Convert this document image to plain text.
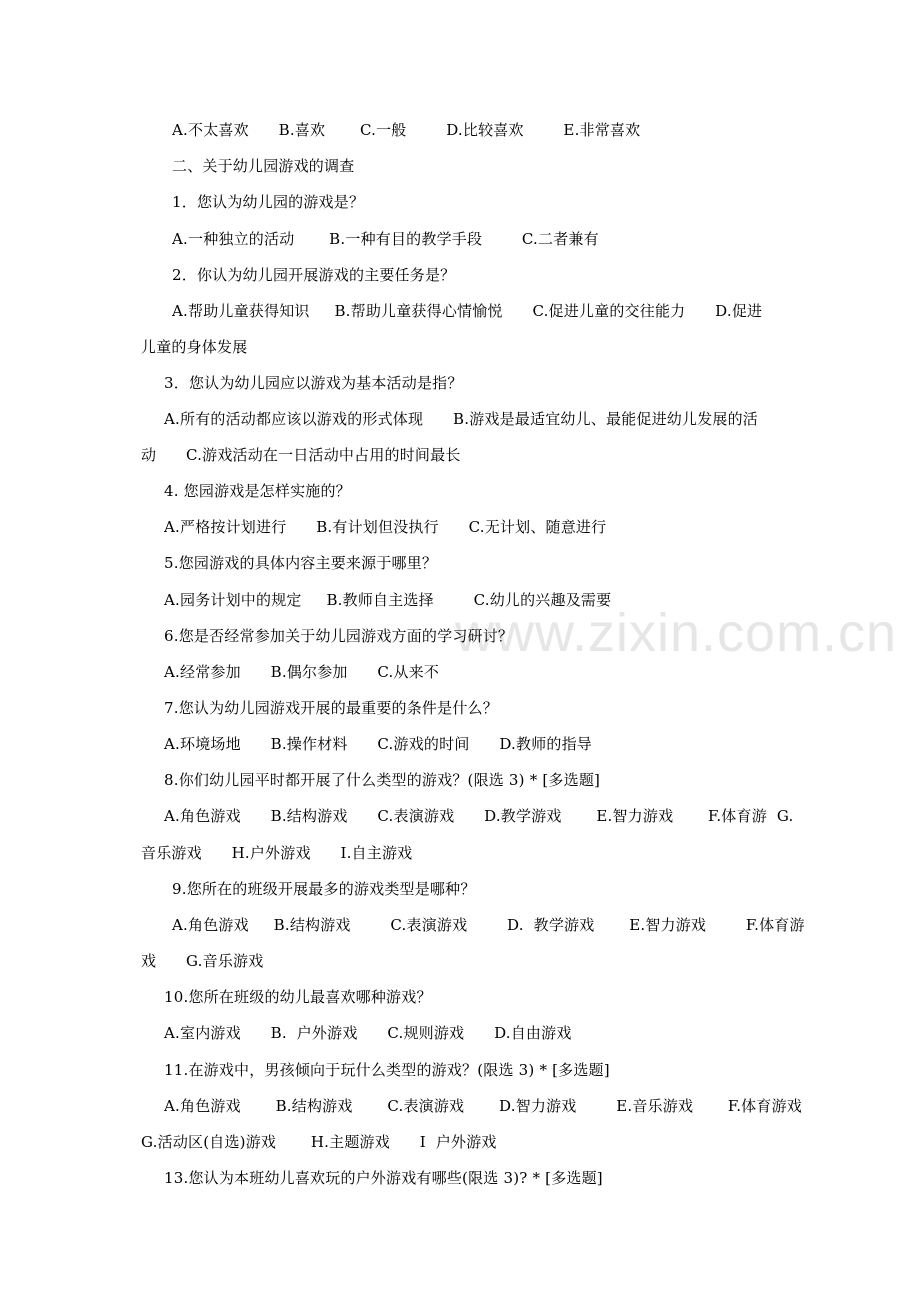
www.zixin.com.cn
A.不太喜欢      B.喜欢       C.一般        D.比较喜欢        E.非常喜欢
二、关于幼儿园游戏的调查
1．您认为幼儿园的游戏是？
A.一种独立的活动       B.一种有目的教学手段        C.二者兼有
2．你认为幼儿园开展游戏的主要任务是？
A.帮助儿童获得知识     B.帮助儿童获得心情愉悦      C.促进儿童的交往能力      D.促进
儿童的身体发展
3．您认为幼儿园应以游戏为基本活动是指？
A.所有的活动都应该以游戏的形式体现      B.游戏是最适宜幼儿、最能促进幼儿发展的活
动      C.游戏活动在一日活动中占用的时间最长
4. 您园游戏是怎样实施的？
A.严格按计划进行      B.有计划但没执行      C.无计划、随意进行
5.您园游戏的具体内容主要来源于哪里？
A.园务计划中的规定     B.教师自主选择        C.幼儿的兴趣及需要
6.您是否经常参加关于幼儿园游戏方面的学习研讨？
A.经常参加      B.偶尔参加      C.从来不
7.您认为幼儿园游戏开展的最重要的条件是什么？
A.环境场地      B.操作材料      C.游戏的时间      D.教师的指导
8.你们幼儿园平时都开展了什么类型的游戏？(限选 3) * [多选题]
A.角色游戏      B.结构游戏      C.表演游戏      D.教学游戏       E.智力游戏       F.体育游  G.
音乐游戏      H.户外游戏      I.自主游戏
9.您所在的班级开展最多的游戏类型是哪种？
A.角色游戏     B.结构游戏        C.表演游戏        D.  教学游戏       E.智力游戏        F.体育游
戏      G.音乐游戏
10.您所在班级的幼儿最喜欢哪种游戏？
A.室内游戏      B.  户外游戏      C.规则游戏      D.自由游戏
11.在游戏中，男孩倾向于玩什么类型的游戏？(限选 3) * [多选题]
A.角色游戏       B.结构游戏       C.表演游戏       D.智力游戏        E.音乐游戏       F.体育游戏
G.活动区(自选)游戏       H.主题游戏      I  户外游戏
13.您认为本班幼儿喜欢玩的户外游戏有哪些(限选 3)? * [多选题]
